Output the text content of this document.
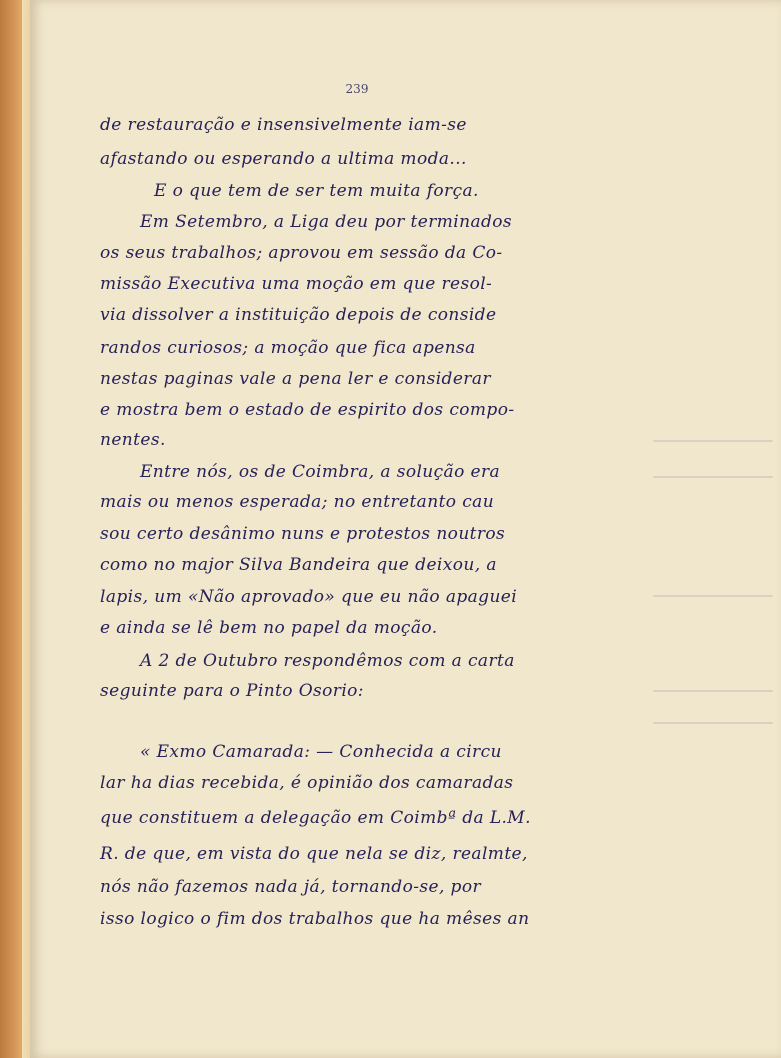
239
de restauração e insensivelmente iam-se
afastando ou esperando a ultima moda...
E o que tem de ser tem muita força.
Em Setembro, a Liga deu por terminados
os seus trabalhos; aprovou em sessão da Co-
missão Executiva uma moção em que resol-
via dissolver a instituição depois de conside
randos curiosos; a moção que fica apensa
nestas paginas vale a pena ler e considerar
e mostra bem o estado de espirito dos compo-
nentes.
Entre nós, os de Coimbra, a solução era
mais ou menos esperada; no entretanto cau
sou certo desânimo nuns e protestos noutros
como no major Silva Bandeira que deixou, a
lapis, um «Não aprovado» que eu não apaguei
e ainda se lê bem no papel da moção.
A 2 de Outubro respondêmos com a carta
seguinte para o Pinto Osorio:
« Exmo Camarada: — Conhecida a circu
lar ha dias recebida, é opinião dos camaradas
que constituem a delegação em Coimbª da L.M.
R. de que, em vista do que nela se diz, realmte,
nós não fazemos nada já, tornando-se, por
isso logico o fim dos trabalhos que ha mêses an
